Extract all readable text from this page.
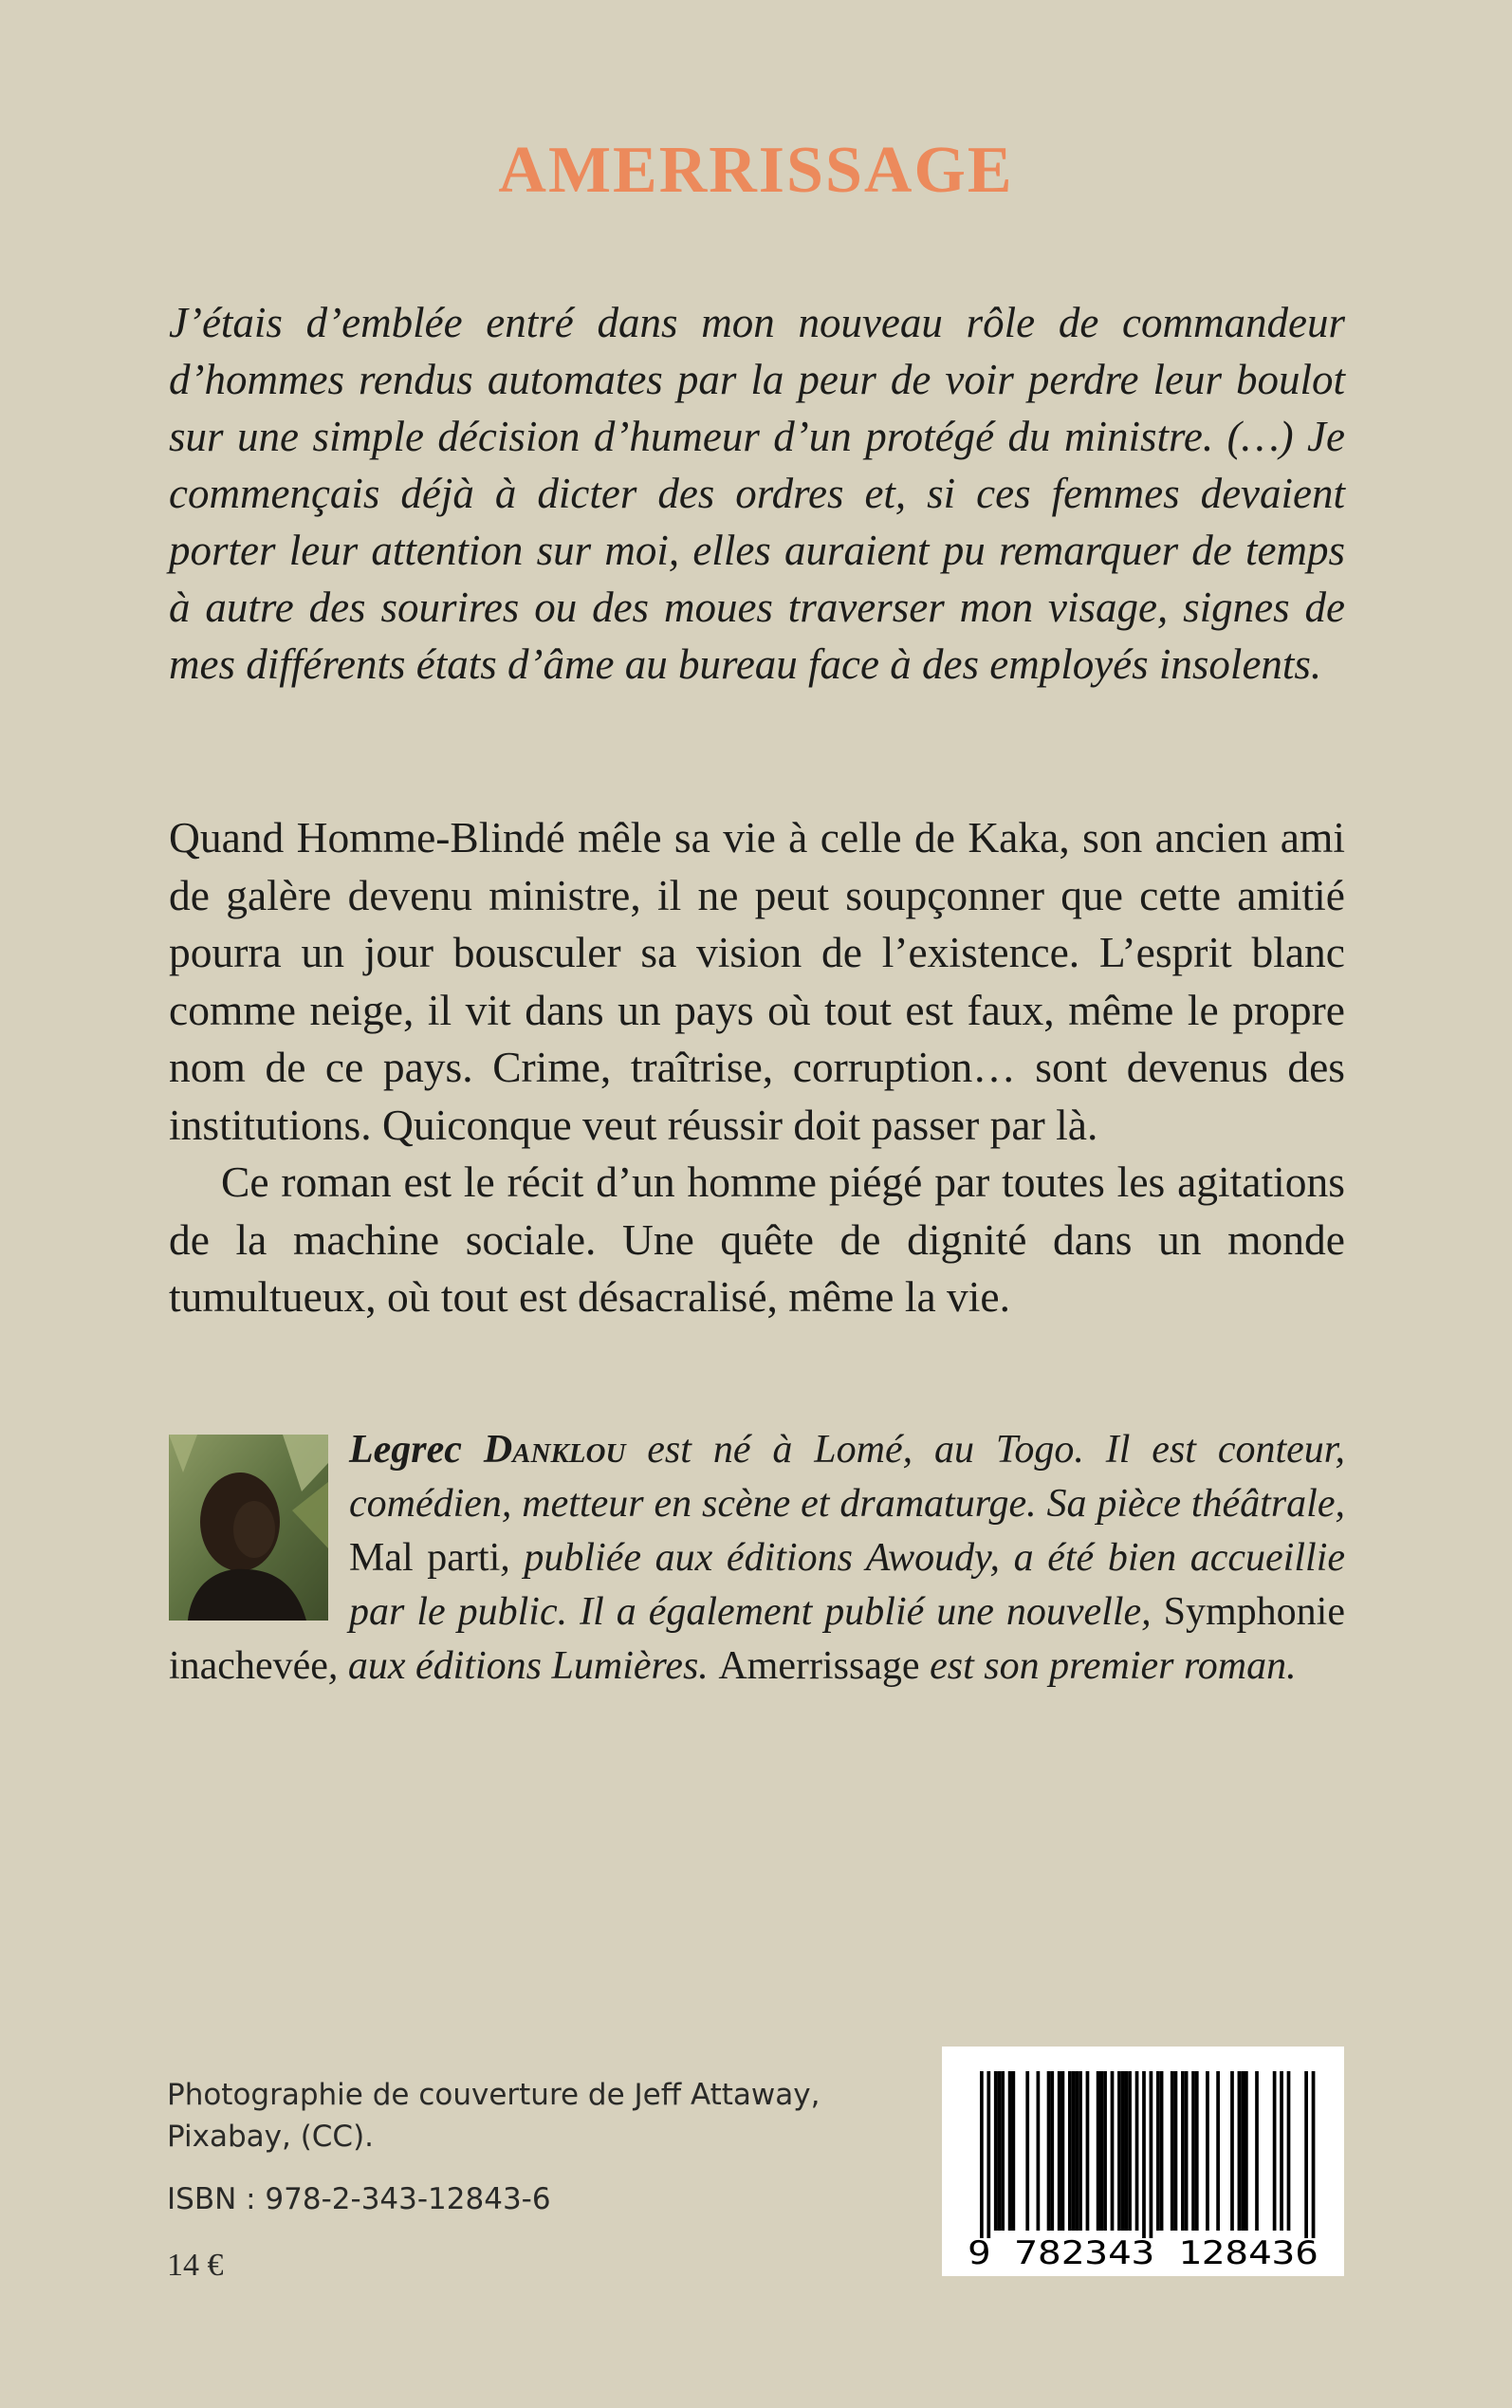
AMERRISSAGE

J’étais d’emblée entré dans mon nouveau rôle de commandeur d’hommes rendus automates par la peur de voir perdre leur boulot sur une simple décision d’humeur d’un protégé du ministre. (…) Je commençais déjà à dicter des ordres et, si ces femmes devaient porter leur attention sur moi, elles auraient pu remarquer de temps à autre des sourires ou des moues traverser mon visage, signes de mes différents états d’âme au bureau face à des employés insolents.

Quand Homme-Blindé mêle sa vie à celle de Kaka, son ancien ami de galère devenu ministre, il ne peut soupçonner que cette amitié pourra un jour bousculer sa vision de l’existence. L’esprit blanc comme neige, il vit dans un pays où tout est faux, même le propre nom de ce pays. Crime, traîtrise, corruption… sont devenus des institutions. Quiconque veut réussir doit passer par là.

Ce roman est le récit d’un homme piégé par toutes les agitations de la machine sociale. Une quête de dignité dans un monde tumultueux, où tout est désacralisé, même la vie.

Legrec Danklou est né à Lomé, au Togo. Il est conteur, comédien, metteur en scène et dramaturge. Sa pièce théâtrale, Mal parti, publiée aux éditions Awoudy, a été bien accueillie par le public. Il a également publié une nouvelle, Symphonie inachevée, aux éditions Lumières. Amerrissage est son premier roman.
Photographie de couverture de Jeff Attaway,
Pixabay, (CC).
ISBN : 978-2-343-12843-6
14 €	9 782343 128436
